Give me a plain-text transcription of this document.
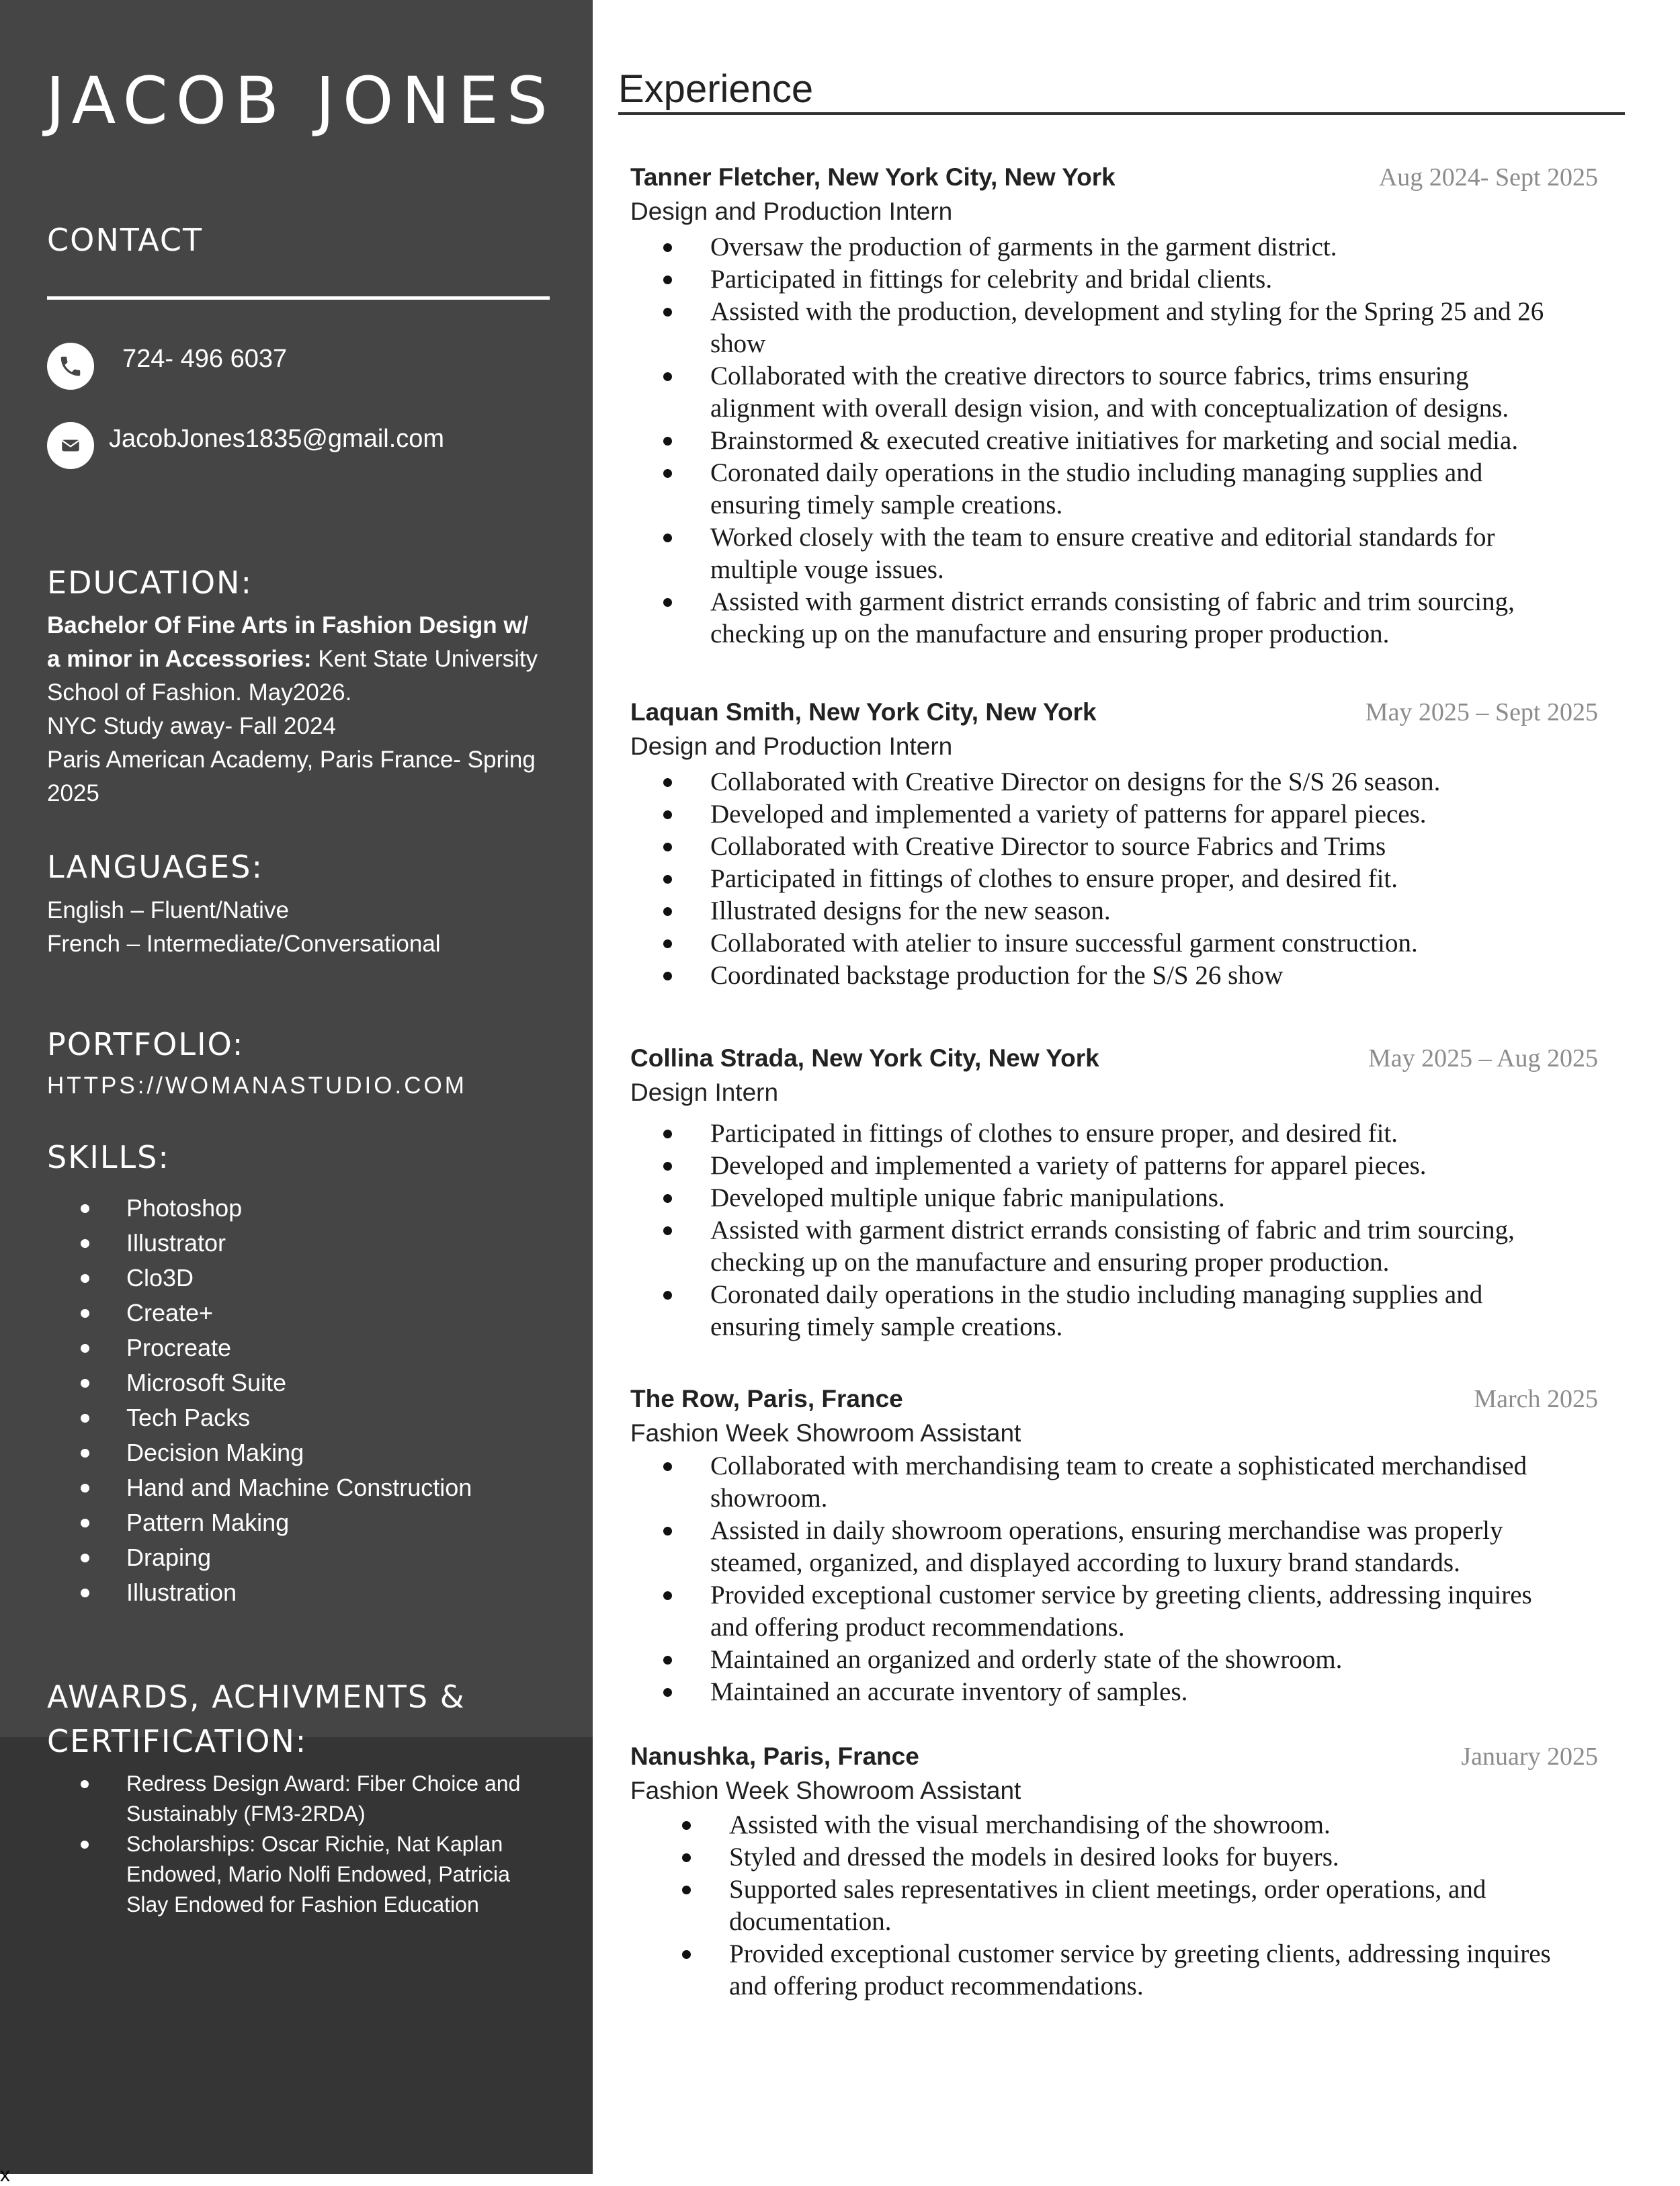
JACOB JONES
CONTACT
724- 496 6037
JacobJones1835@gmail.com
EDUCATION:
Bachelor Of Fine Arts in Fashion Design w/ a minor in Accessories: Kent State University School of Fashion. May2026.
NYC Study away- Fall 2024
Paris American Academy, Paris France- Spring 2025
LANGUAGES:
English – Fluent/Native
French – Intermediate/Conversational
PORTFOLIO:
HTTPS://WOMANASTUDIO.COM
SKILLS:
Photoshop
Illustrator
Clo3D
Create+
Procreate
Microsoft Suite
Tech Packs
Decision Making
Hand and Machine Construction
Pattern Making
Draping
Illustration
AWARDS, ACHIVMENTS & CERTIFICATION:
Redress Design Award: Fiber Choice and Sustainably (FM3-2RDA)
Scholarships: Oscar Richie, Nat Kaplan Endowed, Mario Nolfi Endowed, Patricia Slay Endowed for Fashion Education
x
Experience
Tanner Fletcher, New York City, New York	Aug 2024- Sept 2025
Design and Production Intern
Oversaw the production of garments in the garment district.
Participated in fittings for celebrity and bridal clients.
Assisted with the production, development and styling for the Spring 25 and 26 show
Collaborated with the creative directors to source fabrics, trims ensuring alignment with overall design vision, and with conceptualization of designs.
Brainstormed & executed creative initiatives for marketing and social media.
Coronated daily operations in the studio including managing supplies and ensuring timely sample creations.
Worked closely with the team to ensure creative and editorial standards for multiple vouge issues.
Assisted with garment district errands consisting of fabric and trim sourcing, checking up on the manufacture and ensuring proper production.
Laquan Smith, New York City, New York	May 2025 – Sept 2025
Design and Production Intern
Collaborated with Creative Director on designs for the S/S 26 season.
Developed and implemented a variety of patterns for apparel pieces.
Collaborated with Creative Director to source Fabrics and Trims
Participated in fittings of clothes to ensure proper, and desired fit.
Illustrated designs for the new season.
Collaborated with atelier to insure successful garment construction.
Coordinated backstage production for the S/S 26 show
Collina Strada, New York City, New York	May 2025 – Aug 2025
Design Intern
Participated in fittings of clothes to ensure proper, and desired fit.
Developed and implemented a variety of patterns for apparel pieces.
Developed multiple unique fabric manipulations.
Assisted with garment district errands consisting of fabric and trim sourcing, checking up on the manufacture and ensuring proper production.
Coronated daily operations in the studio including managing supplies and ensuring timely sample creations.
The Row, Paris, France	March 2025
Fashion Week Showroom Assistant
Collaborated with merchandising team to create a sophisticated merchandised showroom.
Assisted in daily showroom operations, ensuring merchandise was properly steamed, organized, and displayed according to luxury brand standards.
Provided exceptional customer service by greeting clients, addressing inquires and offering product recommendations.
Maintained an organized and orderly state of the showroom.
Maintained an accurate inventory of samples.
Nanushka, Paris, France	January 2025
Fashion Week Showroom Assistant
Assisted with the visual merchandising of the showroom.
Styled and dressed the models in desired looks for buyers.
Supported sales representatives in client meetings, order operations, and documentation.
Provided exceptional customer service by greeting clients, addressing inquires and offering product recommendations.
